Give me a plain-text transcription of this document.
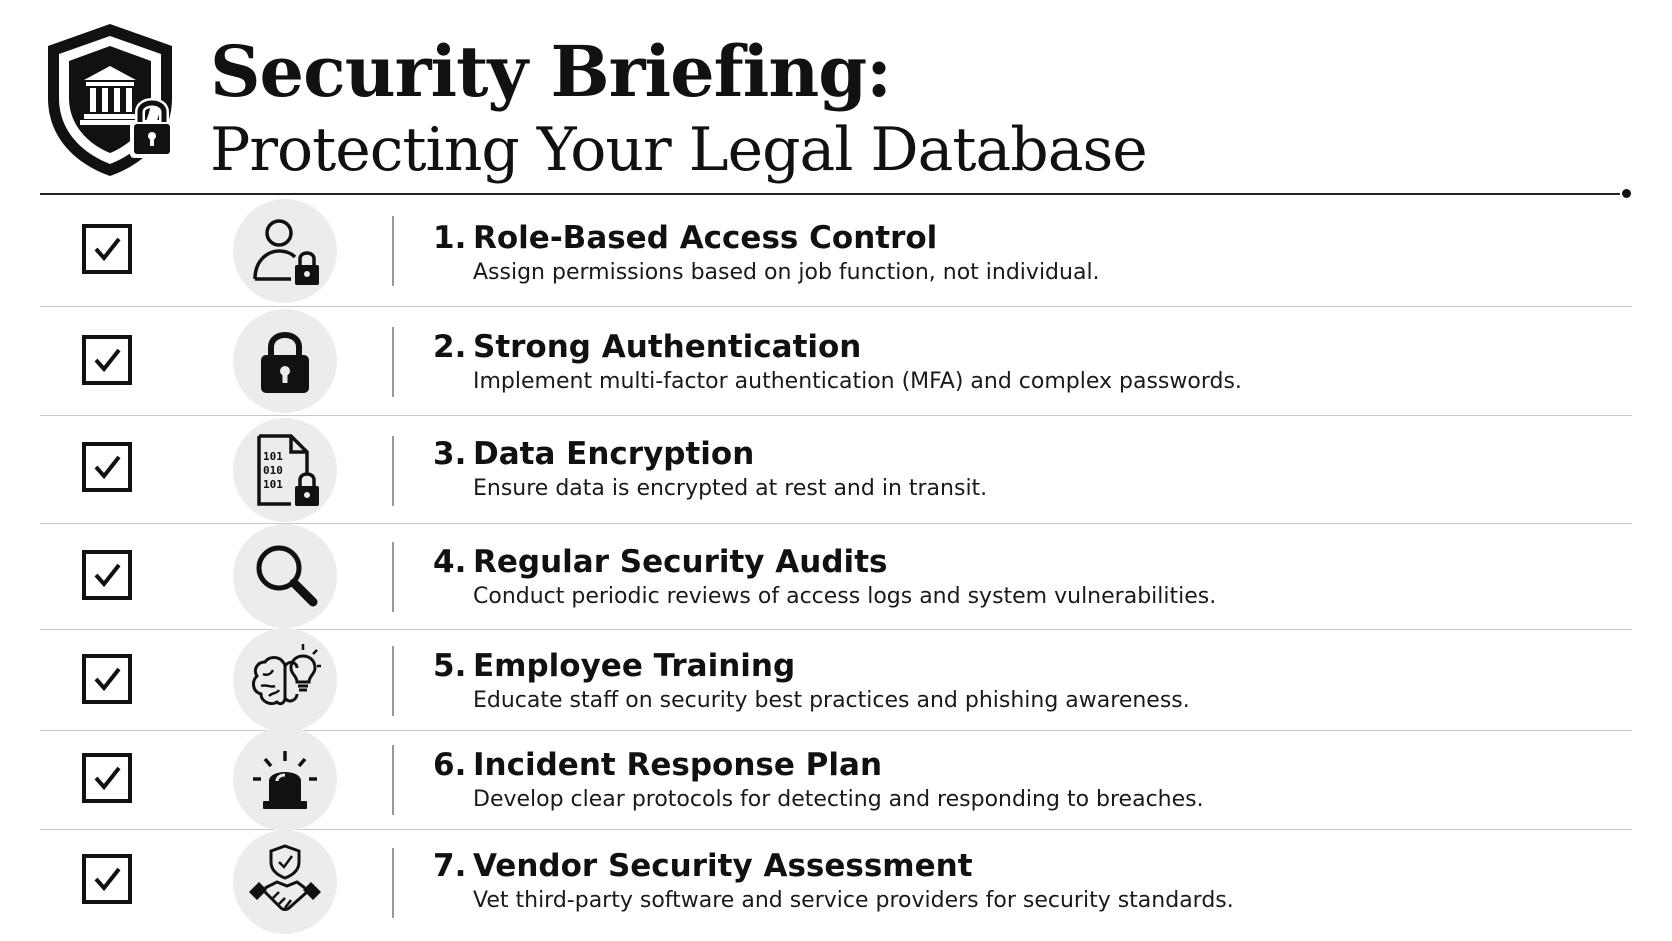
Security Briefing:
Protecting Your Legal Database
1. Role-Based Access Control
Assign permissions based on job function, not individual.
2. Strong Authentication
Implement multi-factor authentication (MFA) and complex passwords.
101
010
101
3. Data Encryption
Ensure data is encrypted at rest and in transit.
4. Regular Security Audits
Conduct periodic reviews of access logs and system vulnerabilities.
5. Employee Training
Educate staff on security best practices and phishing awareness.
6. Incident Response Plan
Develop clear protocols for detecting and responding to breaches.
7. Vendor Security Assessment
Vet third-party software and service providers for security standards.
